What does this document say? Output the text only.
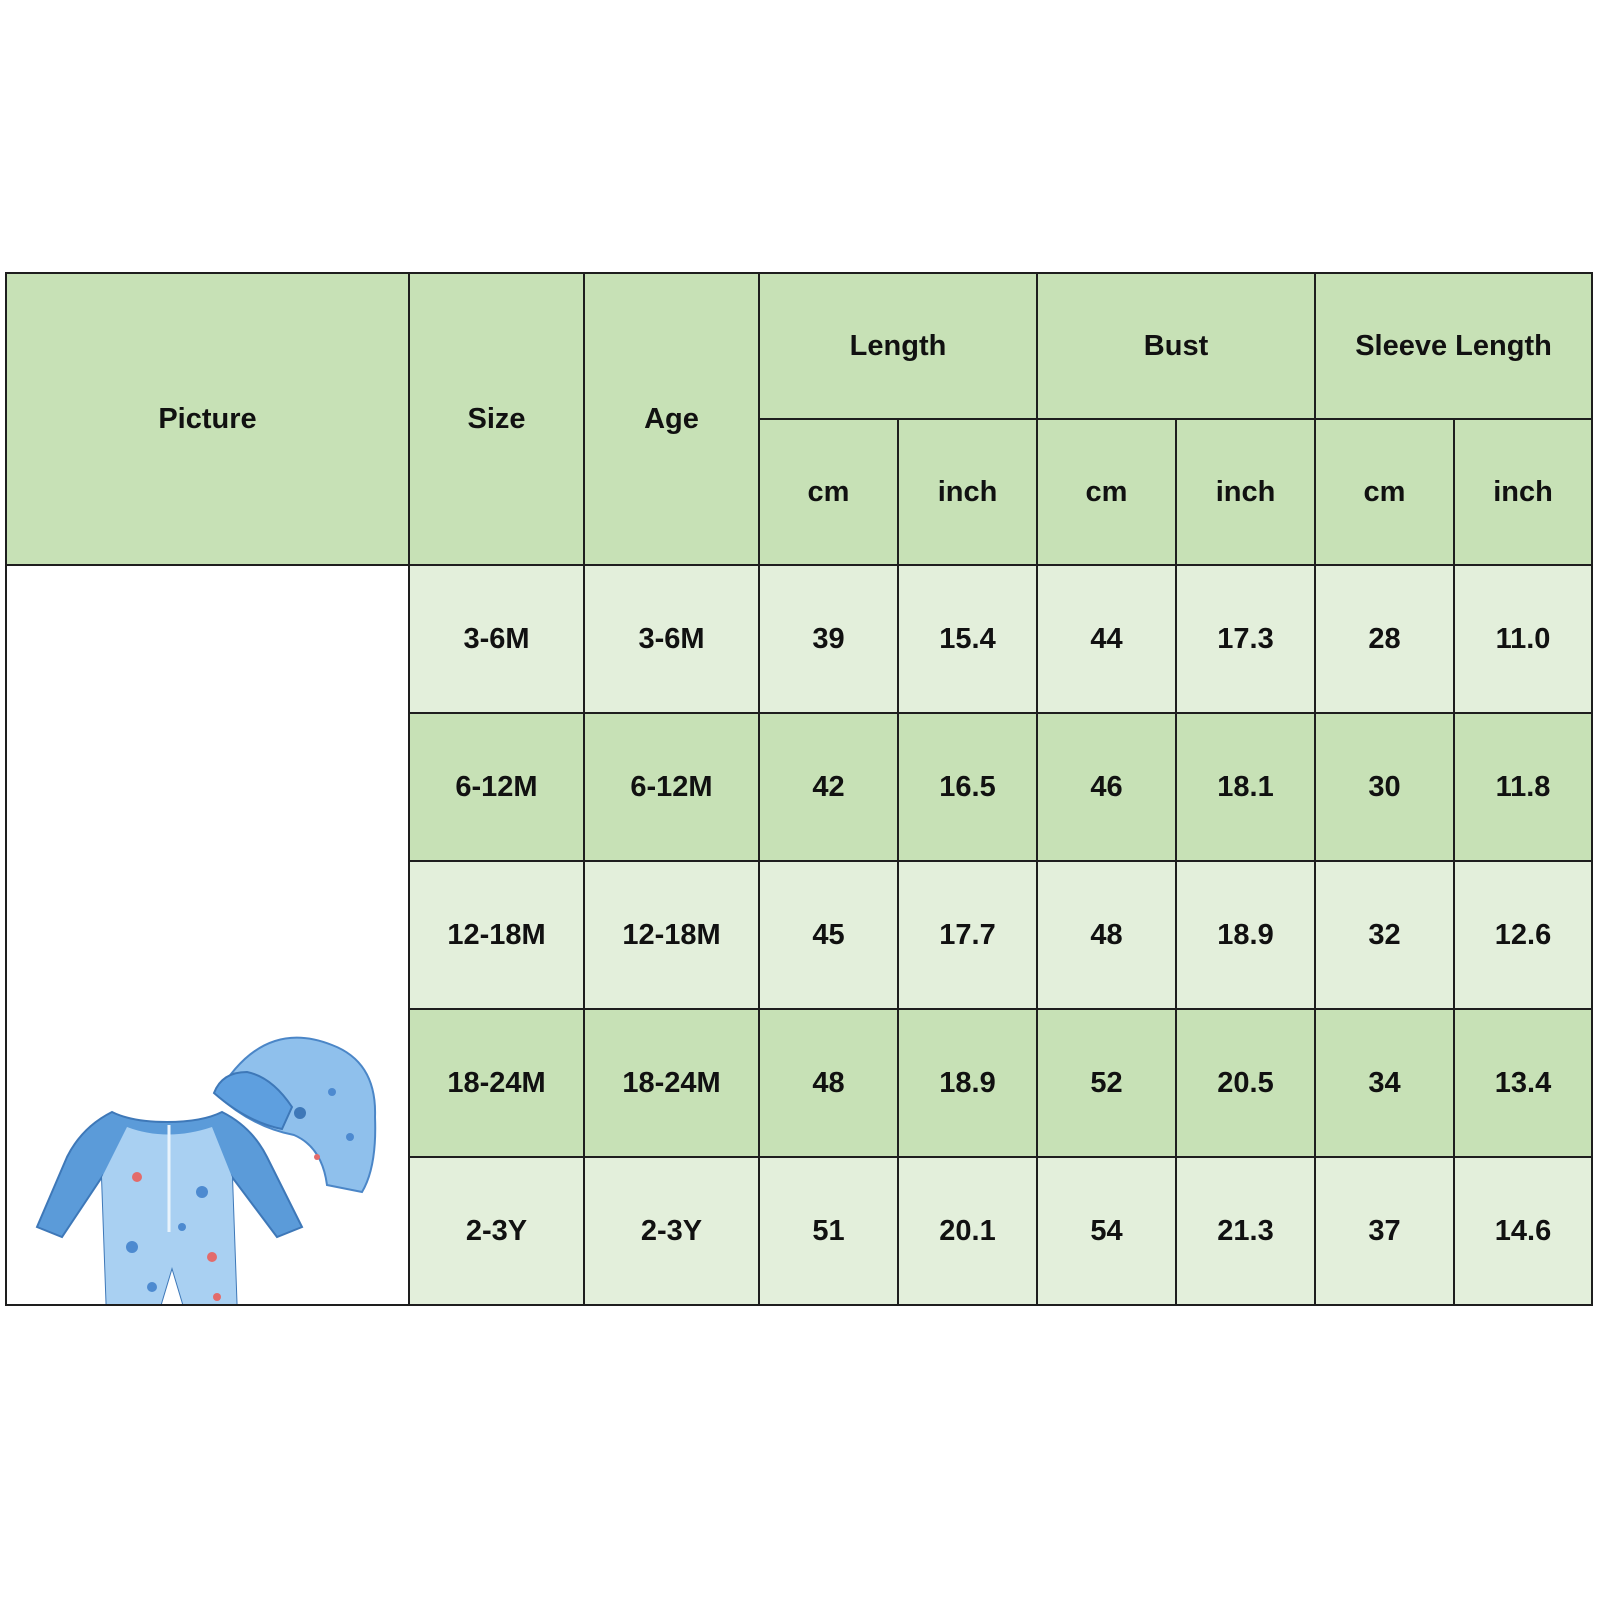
Picture	Size	Age	Length		Bust		Sleeve Length	
			cm	inch	cm	inch	cm	inch

	3-6M	3-6M	39	15.4	44	17.3	28	11.0
	6-12M	6-12M	42	16.5	46	18.1	30	11.8
	12-18M	12-18M	45	17.7	48	18.9	32	12.6
	18-24M	18-24M	48	18.9	52	20.5	34	13.4
	2-3Y	2-3Y	51	20.1	54	21.3	37	14.6
